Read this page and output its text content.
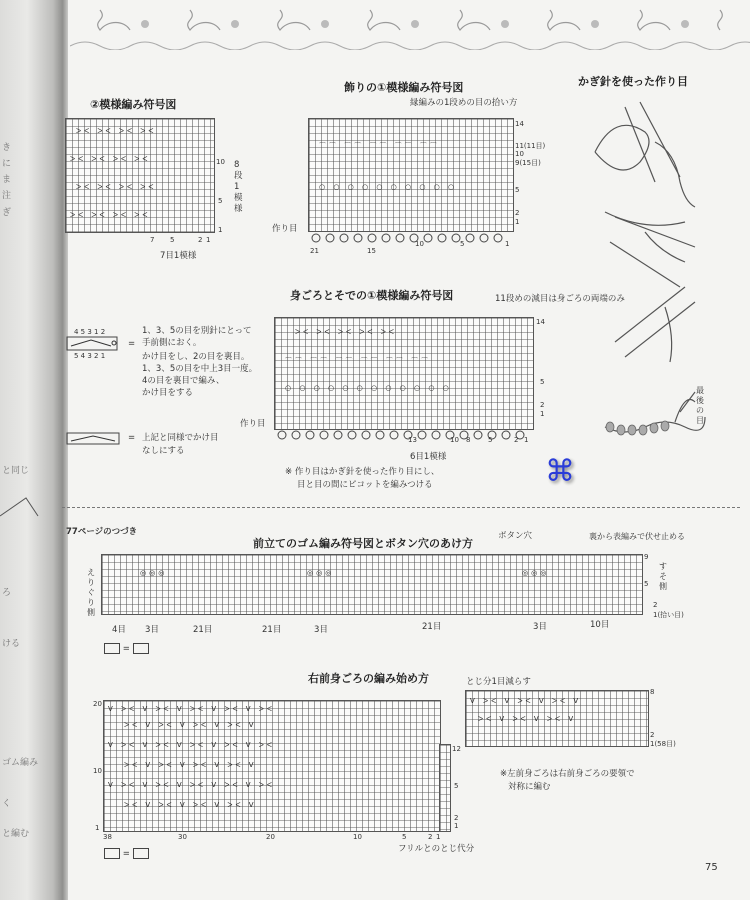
き
に
ま
注
ぎ
と同じ
ろ
ける
ゴム編み
く
と編む
②模様編み符号図
ᐳᐸ ᐳᐸ ᐳᐸ ᐳᐸ
ᐳᐸ ᐳᐸ ᐳᐸ ᐳᐸ
ᐳᐸ ᐳᐸ ᐳᐸ ᐳᐸ
ᐳᐸ ᐳᐸ ᐳᐸ ᐳᐸ
10
5
1
8段1模様
7 5	2 1
7目1模様
飾りの①模様編み符号図
縁編みの1段めの目の拾い方
⌒⌒ ⌒⌒ ⌒⌒ ⌒⌒ ⌒⌒
○ ○ ○ ○ ○ ○ ○ ○ ○ ○
14
11(11目)
10
9(15目)
5
2
1
21	15
10	5	1
作り目
かぎ針を使った作り目
最後の目
4 5 3 1 2
5 4 3 2 1
=
1、3、5の目を別針にとって
手前側におく。
かけ目をし、2の目を裏目。
1、3、5の目を中上3目一度。
4の目を裏目で編み、
かけ目をする
= 上記と同様でかけ目
なしにする
身ごろとそでの①模様編み符号図	11段めの減目は身ごろの両端のみ
ᐳᐸ ᐳᐸ ᐳᐸ ᐳᐸ ᐳᐸ
⌒⌒ ⌒⌒ ⌒⌒ ⌒⌒ ⌒⌒ ⌒⌒
○ ○ ○ ○ ○ ○ ○ ○ ○ ○ ○ ○
14
5
2
1
13	10 8	5	2 1
6目1模様
作り目
※ 作り目はかぎ針を使った作り目にし、
目と目の間にピコットを編みつける	⌘
77ページのつづき
前立てのゴム編み符号図とボタン穴のあけ方
ボタン穴	裏から表編みで伏せ止める
◎◎◎	◎◎◎	◎◎◎
えりぐり側
すそ側
9
5
2
1(拾い目)
4目 3目	21目	21目	3目	21目	3目	10目
=
右前身ごろの編み始め方	とじ分1目減らす
V ᐳᐸ V ᐳᐸ V ᐳᐸ V ᐳᐸ V ᐳᐸ
ᐳᐸ V ᐳᐸ V ᐳᐸ V ᐳᐸ V
V ᐳᐸ V ᐳᐸ V ᐳᐸ V ᐳᐸ V ᐳᐸ
ᐳᐸ V ᐳᐸ V ᐳᐸ V ᐳᐸ V
V ᐳᐸ V ᐳᐸ V ᐳᐸ V ᐳᐸ V ᐳᐸ
ᐳᐸ V ᐳᐸ V ᐳᐸ V ᐳᐸ V
20
10
1
12
5
2
1
38	30	20	10	5	2 1
フリルとのとじ代分
V ᐳᐸ V ᐳᐸ V ᐳᐸ V
ᐳᐸ V ᐳᐸ V ᐳᐸ V
8
2
1(58目)
※左前身ごろは右前身ごろの要領で
対称に編む
=
75
